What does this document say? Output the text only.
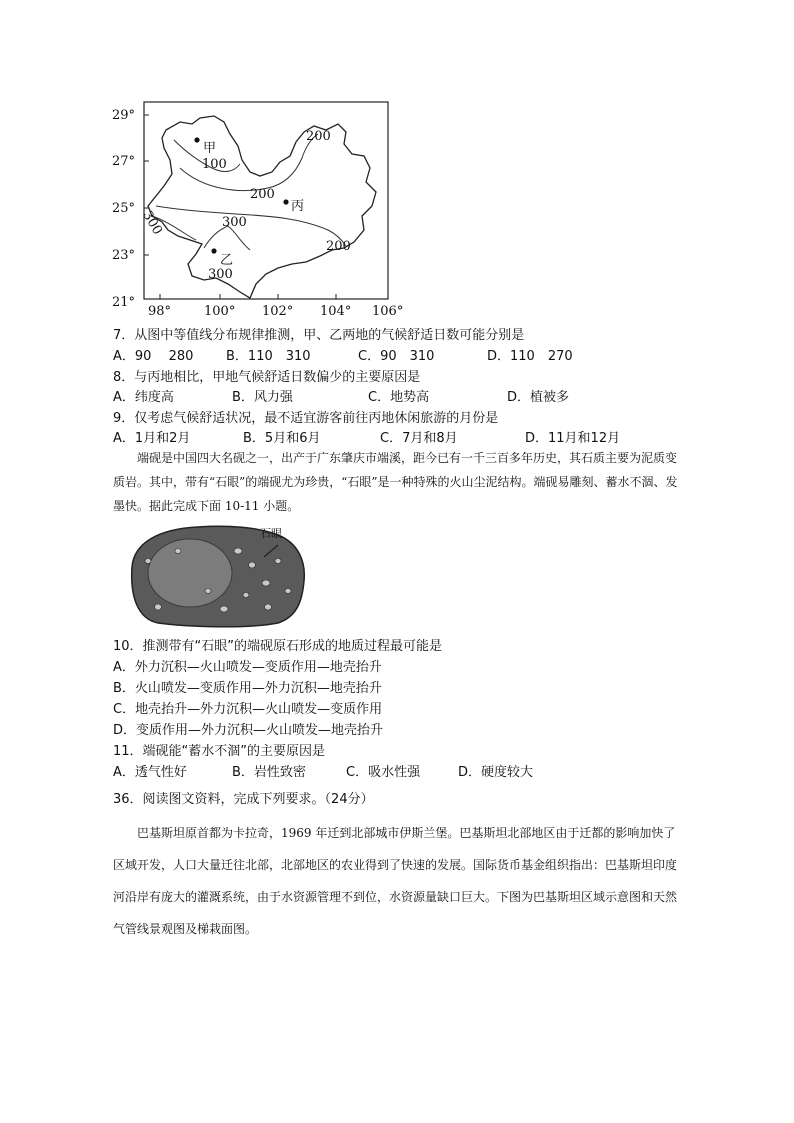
29°
27°
25°
23°
21°
98°	100° 102° 104° 106°
100
200
200
200
300	300
300
甲
乙
丙
7．从图中等值线分布规律推测，甲、乙两地的气候舒适日数可能分别是
A．90　 280	B．110　310	C．90　310	D．110　270
8．与丙地相比，甲地气候舒适日数偏少的主要原因是
A．纬度高	B．风力强	C．地势高	D．植被多
9．仅考虑气候舒适状况，最不适宜游客前往丙地休闲旅游的月份是
A．1月和2月	B．5月和6月	C．7月和8月	D．11月和12月
端砚是中国四大名砚之一，出产于广东肇庆市端溪，距今已有一千三百多年历史，其石质主要为泥质变质岩。其中，带有“石眼”的端砚尤为珍贵，“石眼”是一种特殊的火山尘泥结构。端砚易雕刻、蓄水不涸、发墨快。据此完成下面 10-11 小题。
石眼
10．推测带有“石眼”的端砚原石形成的地质过程最可能是
A．外力沉积—火山喷发—变质作用—地壳抬升
B．火山喷发—变质作用—外力沉积—地壳抬升
C．地壳抬升—外力沉积—火山喷发—变质作用
D．变质作用—外力沉积—火山喷发—地壳抬升
11．端砚能“蓄水不涸”的主要原因是
A．透气性好	B．岩性致密	C．吸水性强	D．硬度较大
36．阅读图文资料，完成下列要求。（24分）
巴基斯坦原首都为卡拉奇，1969 年迁到北部城市伊斯兰堡。巴基斯坦北部地区由于迁都的影响加快了区域开发，人口大量迁往北部，北部地区的农业得到了快速的发展。国际货币基金组织指出：巴基斯坦印度河沿岸有庞大的灌溉系统，由于水资源管理不到位，水资源量缺口巨大。下图为巴基斯坦区域示意图和天然气管线景观图及梯栽面图。
